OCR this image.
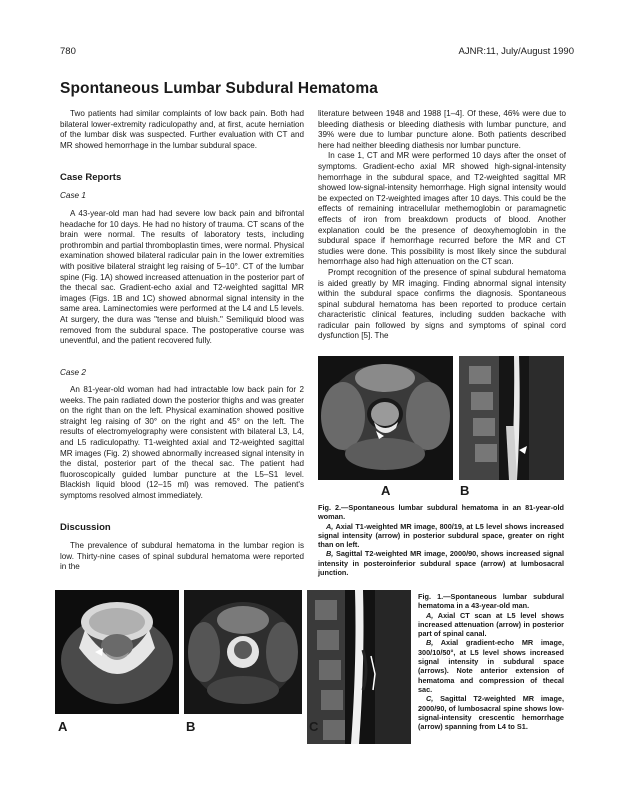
780	AJNR:11, July/August 1990
Spontaneous Lumbar Subdural Hematoma

Two patients had similar complaints of low back pain. Both had bilateral lower-extremity radiculopathy and, at first, acute herniation of the lumbar disk was suspected. Further evaluation with CT and MR showed hemorrhage in the lumbar subdural space.

Case Reports
Case 1

A 43-year-old man had had severe low back pain and bifrontal headache for 10 days. He had no history of trauma. CT scans of the brain were normal. The results of laboratory tests, including prothrombin and partial thromboplastin times, were normal. Physical examination showed bilateral radicular pain in the lower extremities with positive bilateral straight leg raising of 5–10°. CT of the lumbar spine (Fig. 1A) showed increased attenuation in the posterior part of the thecal sac. Gradient-echo axial and T2-weighted sagittal MR images (Figs. 1B and 1C) showed abnormal signal intensity in the same area. Laminectomies were performed at the L4 and L5 levels. At surgery, the dura was "tense and bluish." Semiliquid blood was removed from the subdural space. The postoperative course was uneventful, and the patient recovered fully.

Case 2

An 81-year-old woman had had intractable low back pain for 2 weeks. The pain radiated down the posterior thighs and was greater on the right than on the left. Physical examination showed positive straight leg raising of 30° on the right and 45° on the left. The results of electromyelography were consistent with bilateral L3, L4, and L5 radiculopathy. T1-weighted axial and T2-weighted sagittal MR images (Fig. 2) showed abnormally increased signal intensity in the distal, posterior part of the thecal sac. The patient had fluoroscopically guided lumbar puncture at the L5–S1 level. Blackish liquid blood (12–15 ml) was removed. The patient's symptoms resolved almost immediately.

Discussion

The prevalence of subdural hematoma in the lumbar region is low. Thirty-nine cases of spinal subdural hematoma were reported in the

literature between 1948 and 1988 [1–4]. Of these, 46% were due to bleeding diathesis or bleeding diathesis with lumbar puncture, and 39% were due to lumbar puncture alone. Both patients described here had neither bleeding diathesis nor lumbar puncture.

In case 1, CT and MR were performed 10 days after the onset of symptoms. Gradient-echo axial MR showed high-signal-intensity hemorrhage in the subdural space, and T2-weighted sagittal MR showed low-signal-intensity hemorrhage. High signal intensity would be expected on T2-weighted images after 10 days. This could be the effects of remaining intracellular methemoglobin or paramagnetic effects of iron from breakdown products of blood. Another explanation could be the presence of deoxyhemoglobin in the subdural space if hemorrhage recurred before the MR and CT studies were done. This possibility is most likely since the subdural hemorrhage also had high attenuation on the CT scan.

Prompt recognition of the presence of spinal subdural hematoma is aided greatly by MR imaging. Finding abnormal signal intensity within the subdural space confirms the diagnosis. Spontaneous spinal subdural hematoma has been reported to produce certain characteristic clinical features, including sudden backache with radicular pain followed by signs and symptoms of spinal cord dysfunction [5]. The

A	B

Fig. 2.—Spontaneous lumbar subdural hematoma in an 81-year-old woman.

A, Axial T1-weighted MR image, 800/19, at L5 level shows increased signal intensity (arrow) in posterior subdural space, greater on right than on left.

B, Sagittal T2-weighted MR image, 2000/90, shows increased signal intensity in posteroinferior subdural space (arrow) at lumbosacral junction.

A	B	C

Fig. 1.—Spontaneous lumbar subdural hematoma in a 43-year-old man.

A, Axial CT scan at L5 level shows increased attenuation (arrow) in posterior part of spinal canal.

B, Axial gradient-echo MR image, 300/10/50°, at L5 level shows increased signal intensity in subdural space (arrows). Note anterior extension of hematoma and compression of thecal sac.

C, Sagittal T2-weighted MR image, 2000/90, of lumbosacral spine shows low-signal-intensity crescentic hemorrhage (arrow) spanning from L4 to S1.
